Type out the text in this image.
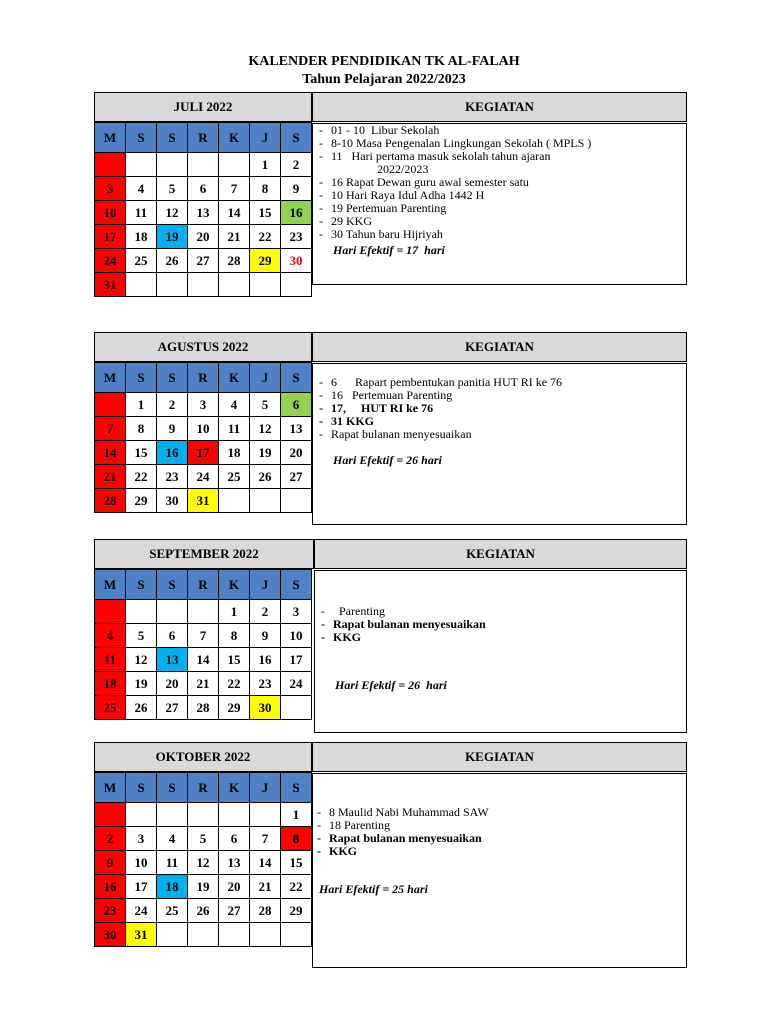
KALENDER PENDIDIKAN TK AL-FALAH
Tahun Pelajaran 2022/2023
JULI 2022	KEGIATAN
M	S	S	R	K	J	S
					1	2
3	4	5	6	7	8	9
10	11	12	13	14	15	16
17	18	19	20	21	22	23
24	25	26	27	28	29	30
31						
- 01 - 10  Libur Sekolah
- 8-10 Masa Pengenalan Lingkungan Sekolah ( MPLS )
- 11   Hari pertama masuk sekolah tahun ajaran
2022/2023
- 16 Rapat Dewan guru awal semester satu
- 10 Hari Raya Idul Adha 1442 H
- 19 Pertemuan Parenting
- 29 KKG
- 30 Tahun baru Hijriyah
Hari Efektif = 17  hari
AGUSTUS 2022	KEGIATAN
M	S	S	R	K	J	S
	1	2	3	4	5	6
7	8	9	10	11	12	13
14	15	16	17	18	19	20
21	22	23	24	25	26	27
28	29	30	31			
- 6      Rapart pembentukan panitia HUT RI ke 76
- 16   Pertemuan Parenting
- 17,     HUT RI ke 76
- 31 KKG
- Rapat bulanan menyesuaikan
Hari Efektif = 26 hari
SEPTEMBER 2022	KEGIATAN
M	S	S	R	K	J	S
				1	2	3
4	5	6	7	8	9	10
11	12	13	14	15	16	17
18	19	20	21	22	23	24
25	26	27	28	29	30	
-   Parenting
- Rapat bulanan menyesuaikan
- KKG
Hari Efektif = 26  hari
OKTOBER 2022	KEGIATAN
M	S	S	R	K	J	S
						1
2	3	4	5	6	7	8
9	10	11	12	13	14	15
16	17	18	19	20	21	22
23	24	25	26	27	28	29
30	31					
- 8 Maulid Nabi Muhammad SAW
- 18 Parenting
- Rapat bulanan menyesuaikan
- KKG
Hari Efektif = 25 hari
